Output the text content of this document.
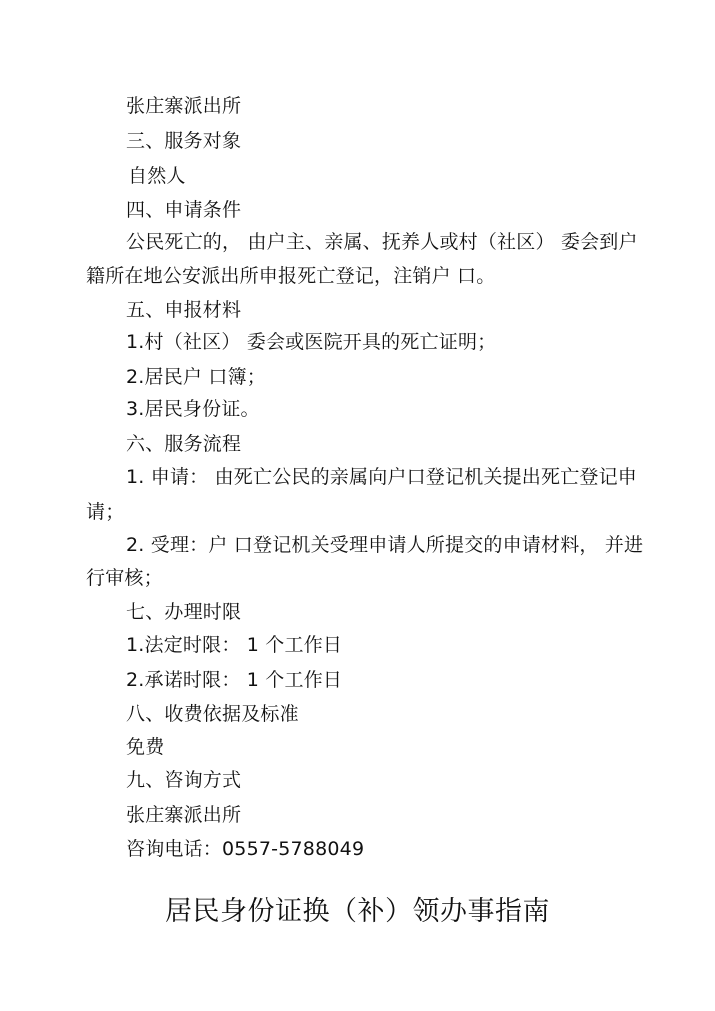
张庄寨派出所
三、服务对象
自然人
四、申请条件
公民死亡的， 由户主、亲属、抚养人或村（社区） 委会到户
籍所在地公安派出所申报死亡登记，注销户 口。
五、申报材料
1.村（社区） 委会或医院开具的死亡证明；
2.居民户 口簿；
3.居民身份证。
六、服务流程
1. 申请： 由死亡公民的亲属向户口登记机关提出死亡登记申
请；
2. 受理：户 口登记机关受理申请人所提交的申请材料， 并进
行审核；
七、办理时限
1.法定时限： 1 个工作日
2.承诺时限： 1 个工作日
八、收费依据及标准
免费
九、咨询方式
张庄寨派出所
咨询电话：0557-5788049
居民身份证换（补）领办事指南
